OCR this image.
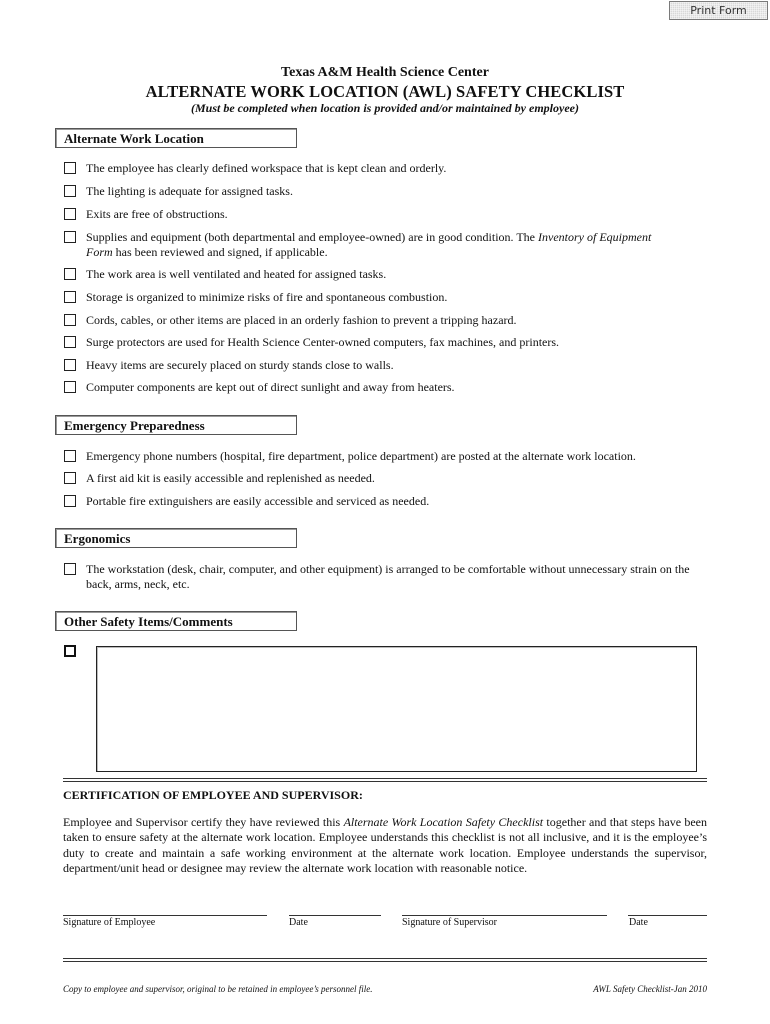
Print Form
Texas A&M Health Science Center
ALTERNATE WORK LOCATION (AWL) SAFETY CHECKLIST
(Must be completed when location is provided and/or maintained by employee)
Alternate Work Location
The employee has clearly defined workspace that is kept clean and orderly.
The lighting is adequate for assigned tasks.
Exits are free of obstructions.
Supplies and equipment (both departmental and employee-owned) are in good condition. The Inventory of Equipment
Form has been reviewed and signed, if applicable.
The work area is well ventilated and heated for assigned tasks.
Storage is organized to minimize risks of fire and spontaneous combustion.
Cords, cables, or other items are placed in an orderly fashion to prevent a tripping hazard.
Surge protectors are used for Health Science Center-owned computers, fax machines, and printers.
Heavy items are securely placed on sturdy stands close to walls.
Computer components are kept out of direct sunlight and away from heaters.
Emergency Preparedness
Emergency phone numbers (hospital, fire department, police department) are posted at the alternate work location.
A first aid kit is easily accessible and replenished as needed.
Portable fire extinguishers are easily accessible and serviced as needed.
Ergonomics
The workstation (desk, chair, computer, and other equipment) is arranged to be comfortable without unnecessary strain on the back, arms, neck, etc.
Other Safety Items/Comments
CERTIFICATION OF EMPLOYEE AND SUPERVISOR:
Employee and Supervisor certify they have reviewed this Alternate Work Location Safety Checklist together and that steps have been taken to ensure safety at the alternate work location. Employee understands this checklist is not all inclusive, and it is the employee’s duty to create and maintain a safe working environment at the alternate work location. Employee understands the supervisor, department/unit head or designee may review the alternate work location with reasonable notice.
Signature of Employee	Date	Signature of Supervisor	Date
Copy to employee and supervisor, original to be retained in employee’s personnel file.	AWL Safety Checklist-Jan 2010
